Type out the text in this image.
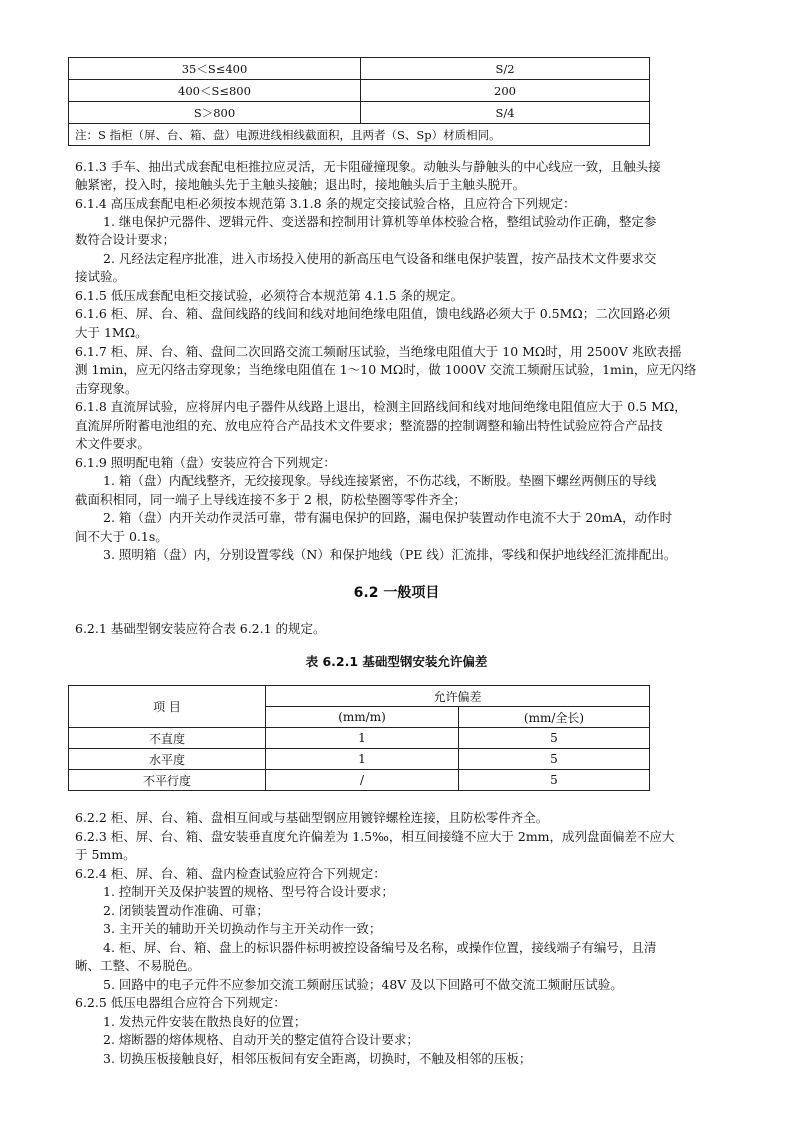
35＜S≤400	S/2
400＜S≤800	200
S＞800	S/4
注：S 指柜（屏、台、箱、盘）电源进线相线截面积，且两者（S、Sp）材质相同。	
6.1.3 手车、抽出式成套配电柜推拉应灵活，无卡阻碰撞现象。动触头与静触头的中心线应一致，且触头接
触紧密，投入时，接地触头先于主触头接触；退出时，接地触头后于主触头脱开。
6.1.4 高压成套配电柜必须按本规范第 3.1.8 条的规定交接试验合格，且应符合下列规定：
1. 继电保护元器件、逻辑元件、变送器和控制用计算机等单体校验合格，整组试验动作正确，整定参
数符合设计要求；
2. 凡经法定程序批准，进入市场投入使用的新高压电气设备和继电保护装置，按产品技术文件要求交
接试验。
6.1.5 低压成套配电柜交接试验，必须符合本规范第 4.1.5 条的规定。
6.1.6 柜、屏、台、箱、盘间线路的线间和线对地间绝缘电阻值，馈电线路必须大于 0.5MΩ；二次回路必须
大于 1MΩ。
6.1.7 柜、屏、台、箱、盘间二次回路交流工频耐压试验，当绝缘电阻值大于 10 MΩ时，用 2500V 兆欧表摇
测 1min，应无闪络击穿现象；当绝缘电阻值在 1～10 MΩ时，做 1000V 交流工频耐压试验，1min，应无闪络
击穿现象。
6.1.8 直流屏试验，应将屏内电子器件从线路上退出，检测主回路线间和线对地间绝缘电阻值应大于 0.5 MΩ，
直流屏所附蓄电池组的充、放电应符合产品技术文件要求；整流器的控制调整和输出特性试验应符合产品技
术文件要求。
6.1.9 照明配电箱（盘）安装应符合下列规定：
1. 箱（盘）内配线整齐，无绞接现象。导线连接紧密，不伤芯线，不断股。垫圈下螺丝两侧压的导线
截面积相同，同一端子上导线连接不多于 2 根，防松垫圈等零件齐全；
2. 箱（盘）内开关动作灵活可靠，带有漏电保护的回路，漏电保护装置动作电流不大于 20mA，动作时
间不大于 0.1s。
3. 照明箱（盘）内，分别设置零线（N）和保护地线（PE 线）汇流排，零线和保护地线经汇流排配出。
6.2 一般项目
6.2.1 基础型钢安装应符合表 6.2.1 的规定。
表 6.2.1 基础型钢安装允许偏差
项 目	允许偏差	
	(mm/m)	(mm/全长)
不直度	1	5
水平度	1	5
不平行度	/	5
6.2.2 柜、屏、台、箱、盘相互间或与基础型钢应用镀锌螺栓连接，且防松零件齐全。
6.2.3 柜、屏、台、箱、盘安装垂直度允许偏差为 1.5‰，相互间接缝不应大于 2mm，成列盘面偏差不应大
于 5mm。
6.2.4 柜、屏、台、箱、盘内检查试验应符合下列规定：
1. 控制开关及保护装置的规格、型号符合设计要求；
2. 闭锁装置动作准确、可靠；
3. 主开关的辅助开关切换动作与主开关动作一致；
4. 柜、屏、台、箱、盘上的标识器件标明被控设备编号及名称，或操作位置，接线端子有编号，且清
晰、工整、不易脱色。
5. 回路中的电子元件不应参加交流工频耐压试验；48V 及以下回路可不做交流工频耐压试验。
6.2.5 低压电器组合应符合下列规定：
1. 发热元件安装在散热良好的位置；
2. 熔断器的熔体规格、自动开关的整定值符合设计要求；
3. 切换压板接触良好，相邻压板间有安全距离，切换时，不触及相邻的压板；
